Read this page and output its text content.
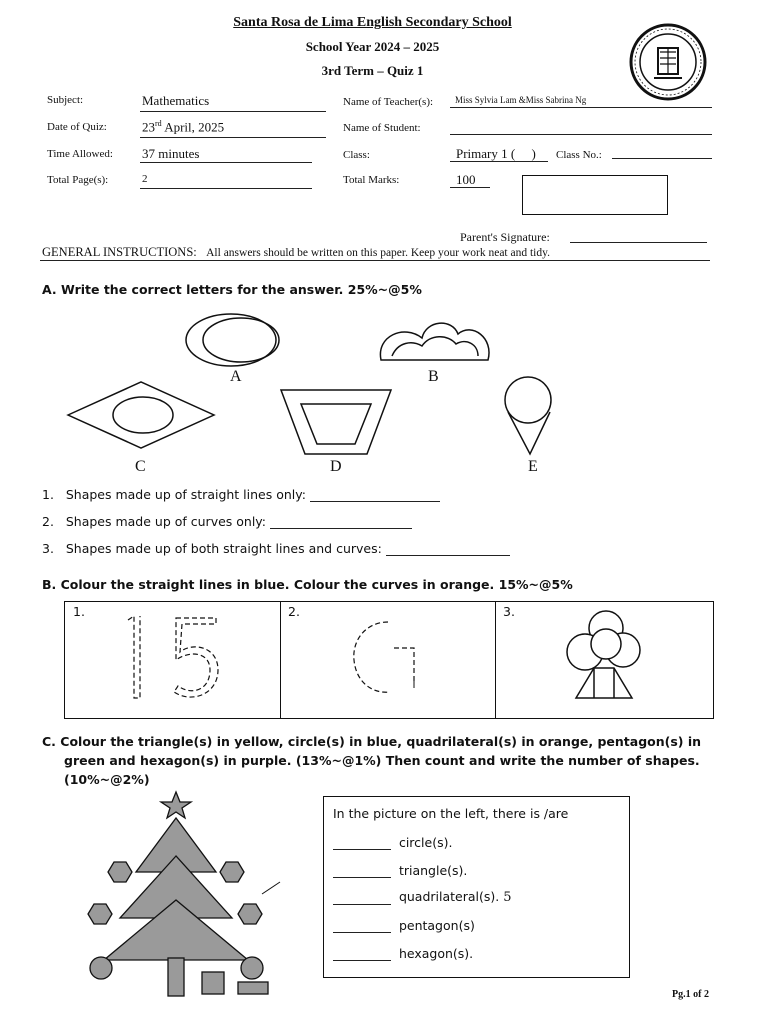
Santa Rosa de Lima English Secondary School
School Year 2024 – 2025
3rd Term – Quiz 1
Subject:	Mathematics
Date of Quiz:	23rd April, 2025
Time Allowed: 37 minutes
Total Page(s):	2
Name of Teacher(s): Miss Sylvia Lam &Miss Sabrina Ng
Name of Student:
Class:	Primary 1 (     ) Class No.:
Total Marks:	100
Parent's Signature:
GENERAL INSTRUCTIONS: All answers should be written on this paper. Keep your work neat and tidy.
A. Write the correct letters for the answer. 25%~@5%
A	B
C	D	E
1.   Shapes made up of straight lines only:
2.   Shapes made up of curves only:
3.   Shapes made up of both straight lines and curves:
B. Colour the straight lines in blue. Colour the curves in orange. 15%~@5%
1.	2.	3.
C. Colour the triangle(s) in yellow, circle(s) in blue, quadrilateral(s) in orange, pentagon(s) in
green and hexagon(s) in purple. (13%~@1%) Then count and write the number of shapes.
(10%~@2%)
In the picture on the left, there is /are
circle(s).
triangle(s).
quadrilateral(s). 5
pentagon(s)
hexagon(s).
Pg.1 of 2
